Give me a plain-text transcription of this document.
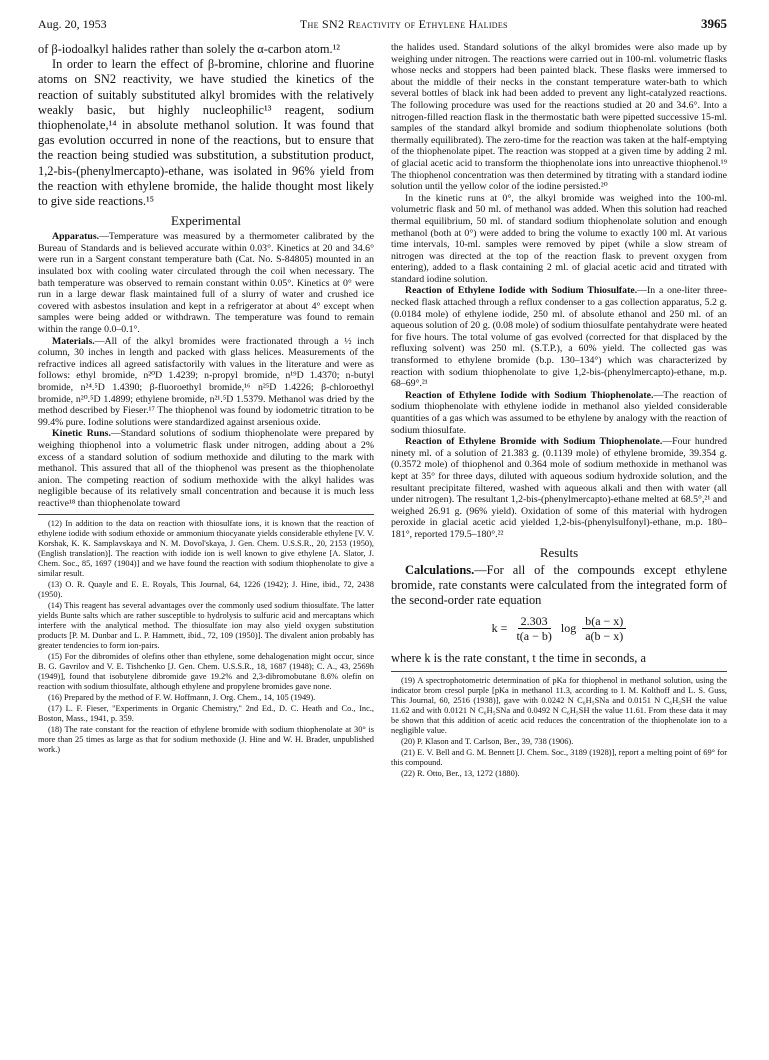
Aug. 20, 1953	The SN2 Reactivity of Ethylene Halides	3965

of β-iodoalkyl halides rather than solely the α-carbon atom.¹²

In order to learn the effect of β-bromine, chlorine and fluorine atoms on SN2 reactivity, we have studied the kinetics of the reaction of suitably substituted alkyl bromides with the relatively weakly basic, but highly nucleophilic¹³ reagent, sodium thiophenolate,¹⁴ in absolute methanol solution. It was found that gas evolution occurred in none of the reactions, but to ensure that the reaction being studied was substitution, a substitution product, 1,2-bis-(phenylmercapto)-ethane, was isolated in 96% yield from the reaction with ethylene bromide, the halide thought most likely to give side reactions.¹⁵

Experimental

Apparatus.—Temperature was measured by a thermometer calibrated by the Bureau of Standards and is believed accurate within 0.03°. Kinetics at 20 and 34.6° were run in a Sargent constant temperature bath (Cat. No. S-84805) mounted in an insulated box with cooling water circulated through the coil when necessary. The bath temperature was observed to remain constant within 0.05°. Kinetics at 0° were run in a large dewar flask maintained full of a slurry of water and crushed ice covered with asbestos insulation and kept in a refrigerator at about 4° except when samples were being added or withdrawn. The temperature was found to remain within the range 0.0–0.1°.

Materials.—All of the alkyl bromides were fractionated through a ½ inch column, 30 inches in length and packed with glass helices. Measurements of the refractive indices all agreed satisfactorily with values in the literature and were as follows: ethyl bromide, n²⁰D 1.4239; n-propyl bromide, n¹⁹D 1.4370; n-butyl bromide, n²⁴.⁵D 1.4390; β-fluoroethyl bromide,¹⁶ n²⁵D 1.4226; β-chloroethyl bromide, n²⁰.⁵D 1.4899; ethylene bromide, n²¹.⁵D 1.5379. Methanol was dried by the method described by Fieser.¹⁷ The thiophenol was found by iodometric titration to be 99.4% pure. Iodine solutions were standardized against arsenious oxide.

Kinetic Runs.—Standard solutions of sodium thiophenolate were prepared by weighing thiophenol into a volumetric flask under nitrogen, adding about a 2% excess of a standard solution of sodium methoxide and diluting to the mark with methanol. This assured that all of the thiophenol was present as the thiophenolate anion. The competing reaction of sodium methoxide with the alkyl halides was negligible because of its relatively small concentration and because it is much less reactive¹⁸ than thiophenolate toward

(12) In addition to the data on reaction with thiosulfate ions, it is known that the reaction of ethylene iodide with sodium ethoxide or ammonium thiocyanate yields considerable ethylene [V. V. Korshak, K. K. Samplavskaya and N. M. Dovol'skaya, J. Gen. Chem. U.S.S.R., 20, 2153 (1950), (English translation)]. The reaction with iodide ion is well known to give ethylene [A. Slator, J. Chem. Soc., 85, 1697 (1904)] and we have found the reaction with sodium thiophenolate to give a similar result.

(13) O. R. Quayle and E. E. Royals, This Journal, 64, 1226 (1942); J. Hine, ibid., 72, 2438 (1950).

(14) This reagent has several advantages over the commonly used sodium thiosulfate. The latter yields Bunte salts which are rather susceptible to hydrolysis to sulfuric acid and mercaptans which interfere with the analytical method. The thiosulfate ion may also yield oxygen substitution products [P. M. Dunbar and L. P. Hammett, ibid., 72, 109 (1950)]. The divalent anion probably has greater tendencies to form ion-pairs.

(15) For the dibromides of olefins other than ethylene, some dehalogenation might occur, since B. G. Gavrilov and V. E. Tishchenko [J. Gen. Chem. U.S.S.R., 18, 1687 (1948); C. A., 43, 2569h (1949)], found that isobutylene dibromide gave 19.2% and 2,3-dibromobutane 8.6% olefin on reaction with sodium thiosulfate, although ethylene and propylene bromides gave none.

(16) Prepared by the method of F. W. Hoffmann, J. Org. Chem., 14, 105 (1949).

(17) L. F. Fieser, "Experiments in Organic Chemistry," 2nd Ed., D. C. Heath and Co., Inc., Boston, Mass., 1941, p. 359.

(18) The rate constant for the reaction of ethylene bromide with sodium thiophenolate at 30° is more than 25 times as large as that for sodium methoxide (J. Hine and W. H. Brader, unpublished work.)

the halides used. Standard solutions of the alkyl bromides were also made up by weighing under nitrogen. The reactions were carried out in 100-ml. volumetric flasks whose necks and stoppers had been painted black. These flasks were immersed to about the middle of their necks in the constant temperature water-bath to which several bottles of black ink had been added to prevent any light-catalyzed reactions. The following procedure was used for the reactions studied at 20 and 34.6°. Into a nitrogen-filled reaction flask in the thermostatic bath were pipetted successive 15-ml. samples of the standard alkyl bromide and sodium thiophenolate solutions (both thermally equilibrated). The zero-time for the reaction was taken at the half-emptying of the thiophenolate pipet. The reaction was stopped at a given time by adding 2 ml. of glacial acetic acid to transform the thiophenolate ions into unreactive thiophenol.¹⁹ The thiophenol concentration was then determined by titrating with a standard iodine solution until the yellow color of the iodine persisted.²⁰

In the kinetic runs at 0°, the alkyl bromide was weighed into the 100-ml. volumetric flask and 50 ml. of methanol was added. When this solution had reached thermal equilibrium, 50 ml. of standard sodium thiophenolate solution and enough methanol (both at 0°) were added to bring the volume to exactly 100 ml. At various time intervals, 10-ml. samples were removed by pipet (while a slow stream of nitrogen was directed at the top of the reaction flask to prevent oxygen from entering), added to a flask containing 2 ml. of glacial acetic acid and titrated with standard iodine solution.

Reaction of Ethylene Iodide with Sodium Thiosulfate.—In a one-liter three-necked flask attached through a reflux condenser to a gas collection apparatus, 5.2 g. (0.0184 mole) of ethylene iodide, 250 ml. of absolute ethanol and 250 ml. of an aqueous solution of 20 g. (0.08 mole) of sodium thiosulfate pentahydrate were heated for five hours. The total volume of gas evolved (corrected for that displaced by the refluxing solvent) was 250 ml. (S.T.P.), a 60% yield. The collected gas was transformed to ethylene bromide (b.p. 130–134°) which was characterized by reaction with sodium thiophenolate to give 1,2-bis-(phenylmercapto)-ethane, m.p. 68–69°.²¹

Reaction of Ethylene Iodide with Sodium Thiophenolate.—The reaction of sodium thiophenolate with ethylene iodide in methanol also yielded considerable quantities of a gas which was assumed to be ethylene by analogy with the reaction of sodium thiosulfate.

Reaction of Ethylene Bromide with Sodium Thiophenolate.—Four hundred ninety ml. of a solution of 21.383 g. (0.1139 mole) of ethylene bromide, 39.354 g. (0.3572 mole) of thiophenol and 0.364 mole of sodium methoxide in methanol was kept at 35° for three days, diluted with aqueous sodium hydroxide solution, and the resultant precipitate filtered, washed with aqueous alkali and then with water (all under nitrogen). The resultant 1,2-bis-(phenylmercapto)-ethane melted at 68.5°,²¹ and weighed 26.91 g. (96% yield). Oxidation of some of this material with hydrogen peroxide in glacial acetic acid yielded 1,2-bis-(phenylsulfonyl)-ethane, m.p. 180–181°, reported 179.5–180°.²²

Results

Calculations.—For all of the compounds except ethylene bromide, rate constants were calculated from the integrated form of the second-order rate equation

$k = \frac{2.303}{t(a - b)}$ $\log \frac{b(a - x)}{a(b - x)}$

where k is the rate constant, t the time in seconds, a

(19) A spectrophotometric determination of pKa for thiophenol in methanol solution, using the indicator brom cresol purple [pKa in methanol 11.3, according to I. M. Kolthoff and L. S. Guss, This Journal, 60, 2516 (1938)], gave with 0.0242 N C₆H₅SNa and 0.0151 N C₆H₅SH the value 11.62 and with 0.0121 N C₆H₅SNa and 0.0492 N C₆H₅SH the value 11.61. From these data it may be shown that this addition of acetic acid reduces the concentration of the thiophenolate ion to a negligible value.

(20) P. Klason and T. Carlson, Ber., 39, 738 (1906).

(21) E. V. Bell and G. M. Bennett [J. Chem. Soc., 3189 (1928)], report a melting point of 69° for this compound.

(22) R. Otto, Ber., 13, 1272 (1880).
